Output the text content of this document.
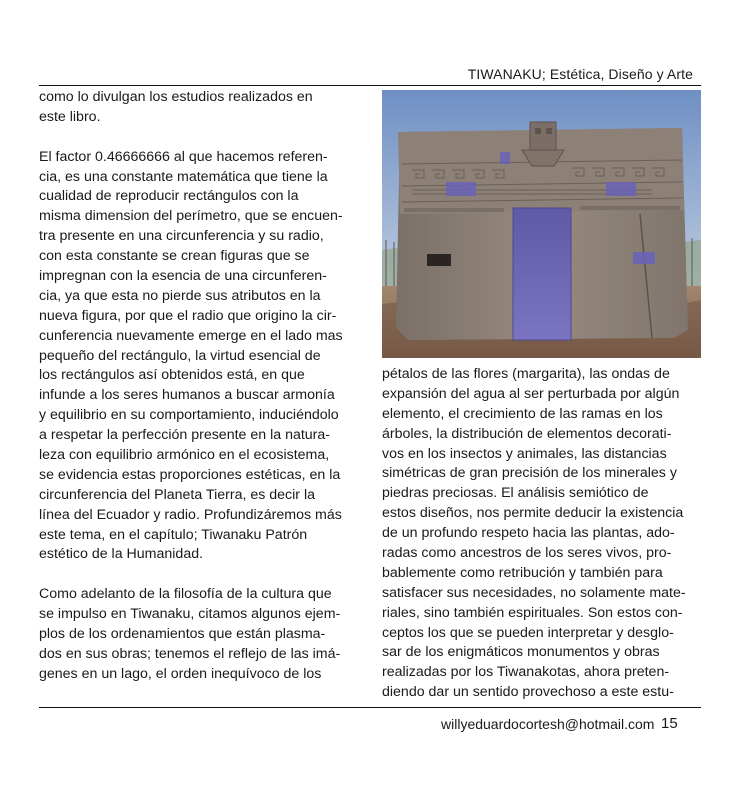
TIWANAKU; Estética, Diseño y Arte
como lo divulgan los estudios realizados en
este libro.
El factor 0.46666666 al que hacemos referen-
cia, es una constante matemática que tiene la
cualidad de reproducir rectángulos con la
misma dimension del perímetro, que se encuen-
tra presente en una circunferencia y su radio,
con esta constante se crean figuras que se
impregnan con la esencia de una circunferen-
cia, ya que esta no pierde sus atributos en la
nueva figura, por que el radio que origino la cir-
cunferencia nuevamente emerge en el lado mas
pequeño del rectángulo, la virtud esencial de
los rectángulos así obtenidos está, en que
infunde a los seres humanos a buscar armonía
y equilibrio en su comportamiento, induciéndolo
a respetar la perfección presente en la natura-
leza con equilibrio armónico en el ecosistema,
se evidencia estas proporciones estéticas, en la
circunferencia del Planeta Tierra, es decir la
línea del Ecuador y radio. Profundizáremos más
este tema, en el capítulo; Tiwanaku Patrón
estético de la Humanidad.
Como adelanto de la filosofía de la cultura que
se impulso en Tiwanaku, citamos algunos ejem-
plos de los ordenamientos que están plasma-
dos en sus obras; tenemos el reflejo de las imá-
genes en un lago, el orden inequívoco de los
pétalos de las flores (margarita), las ondas de
expansión del agua al ser perturbada por algún
elemento, el crecimiento de las ramas en los
árboles, la distribución de elementos decorati-
vos en los insectos y animales, las distancias
simétricas de gran precisión de los minerales y
piedras preciosas. El análisis semiótico de
estos diseños, nos permite deducir la existencia
de un profundo respeto hacia las plantas, ado-
radas como ancestros de los seres vivos, pro-
bablemente como retribución y también para
satisfacer sus necesidades, no solamente mate-
riales, sino también espirituales. Son estos con-
ceptos los que se pueden interpretar y desglo-
sar de los enigmáticos monumentos y obras
realizadas por los Tiwanakotas, ahora preten-
diendo dar un sentido provechoso a este estu-
willyeduardocortesh@hotmail.com 15
